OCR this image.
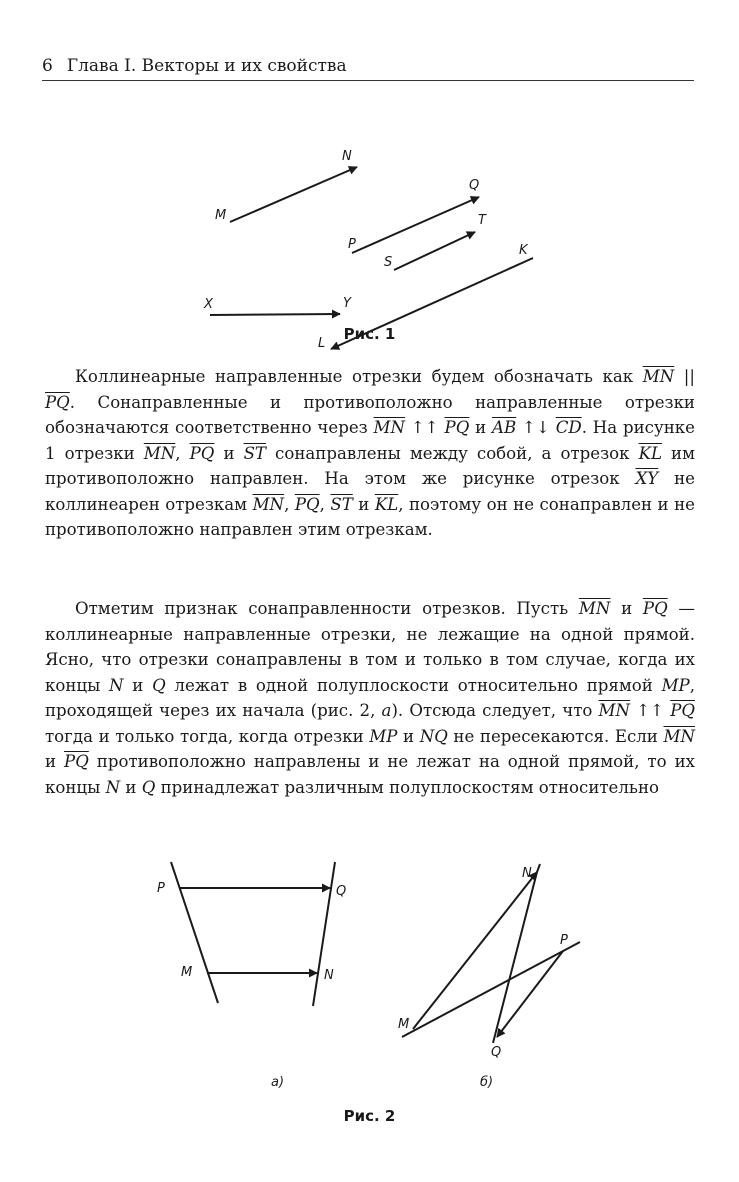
6 Глава I. Векторы и их свойства
M
N
P
Q
S
T
K
X	Y
L
Рис. 1

Коллинеарные направленные отрезки будем обозначать как $\overline{MN}$ || $\overline{PQ}$. Сонаправленные и противоположно направленные отрезки обозначаются соответственно через $\overline{MN}$ ↑↑ $\overline{PQ}$ и $\overline{AB}$ ↑↓ $\overline{CD}$. На рисунке 1 отрезки $\overline{MN}$, $\overline{PQ}$ и $\overline{ST}$ сонаправлены между собой, а отрезок $\overline{KL}$ им противоположно направлен. На этом же рисунке отрезок $\overline{XY}$ не коллинеарен отрезкам $\overline{MN}$, $\overline{PQ}$, $\overline{ST}$ и $\overline{KL}$, поэтому он не сонаправлен и не противоположно направлен этим отрезкам.

Отметим признак сонаправленности отрезков. Пусть $\overline{MN}$ и $\overline{PQ}$ — коллинеарные направленные отрезки, не лежащие на одной прямой. Ясно, что отрезки сонаправлены в том и только в том случае, когда их концы N и Q лежат в одной полуплоскости относительно прямой MP, проходящей через их начала (рис. 2, а). Отсюда следует, что $\overline{MN}$ ↑↑ $\overline{PQ}$ тогда и только тогда, когда отрезки MP и NQ не пересекаются. Если $\overline{MN}$ и $\overline{PQ}$ противоположно направлены и не лежат на одной прямой, то их концы N и Q принадлежат различным полуплоскостям относительно

P	Q
M	N
N
P
M
Q
а)	б)
Рис. 2
